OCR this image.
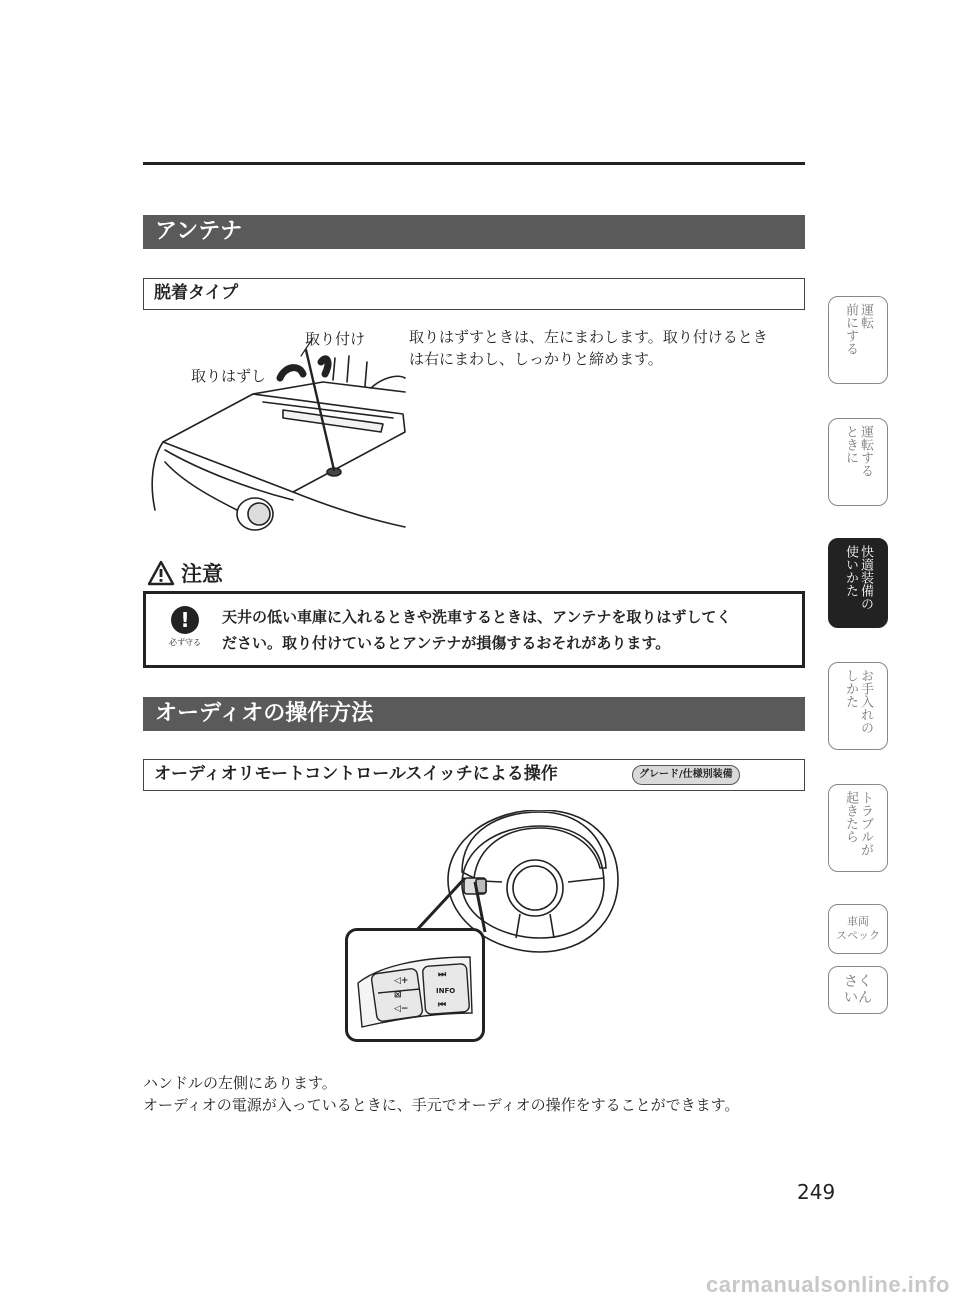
アンテナ
脱着タイプ
取り付け
取りはずし
取りはずすときは、左にまわします。取り付けるとき
は右にまわし、しっかりと締めます。
注意
!
必ず守る
天井の低い車庫に入れるときや洗車するときは、アンテナを取りはずしてく
ださい。取り付けているとアンテナが損傷するおそれがあります。
オーディオの操作方法
オーディオリモートコントロールスイッチによる操作	グレード/仕様別装備
◁+
⊠
◁−
⏭
INFO
⏮
ハンドルの左側にあります。
オーディオの電源が入っているときに、手元でオーディオの操作をすることができます。
運転
前にする
運転する
ときに
快適装備の
使いかた
お手入れの
しかた
トラブルが
起きたら
車両
スペック
さく
いん
249
carmanualsonline.info
